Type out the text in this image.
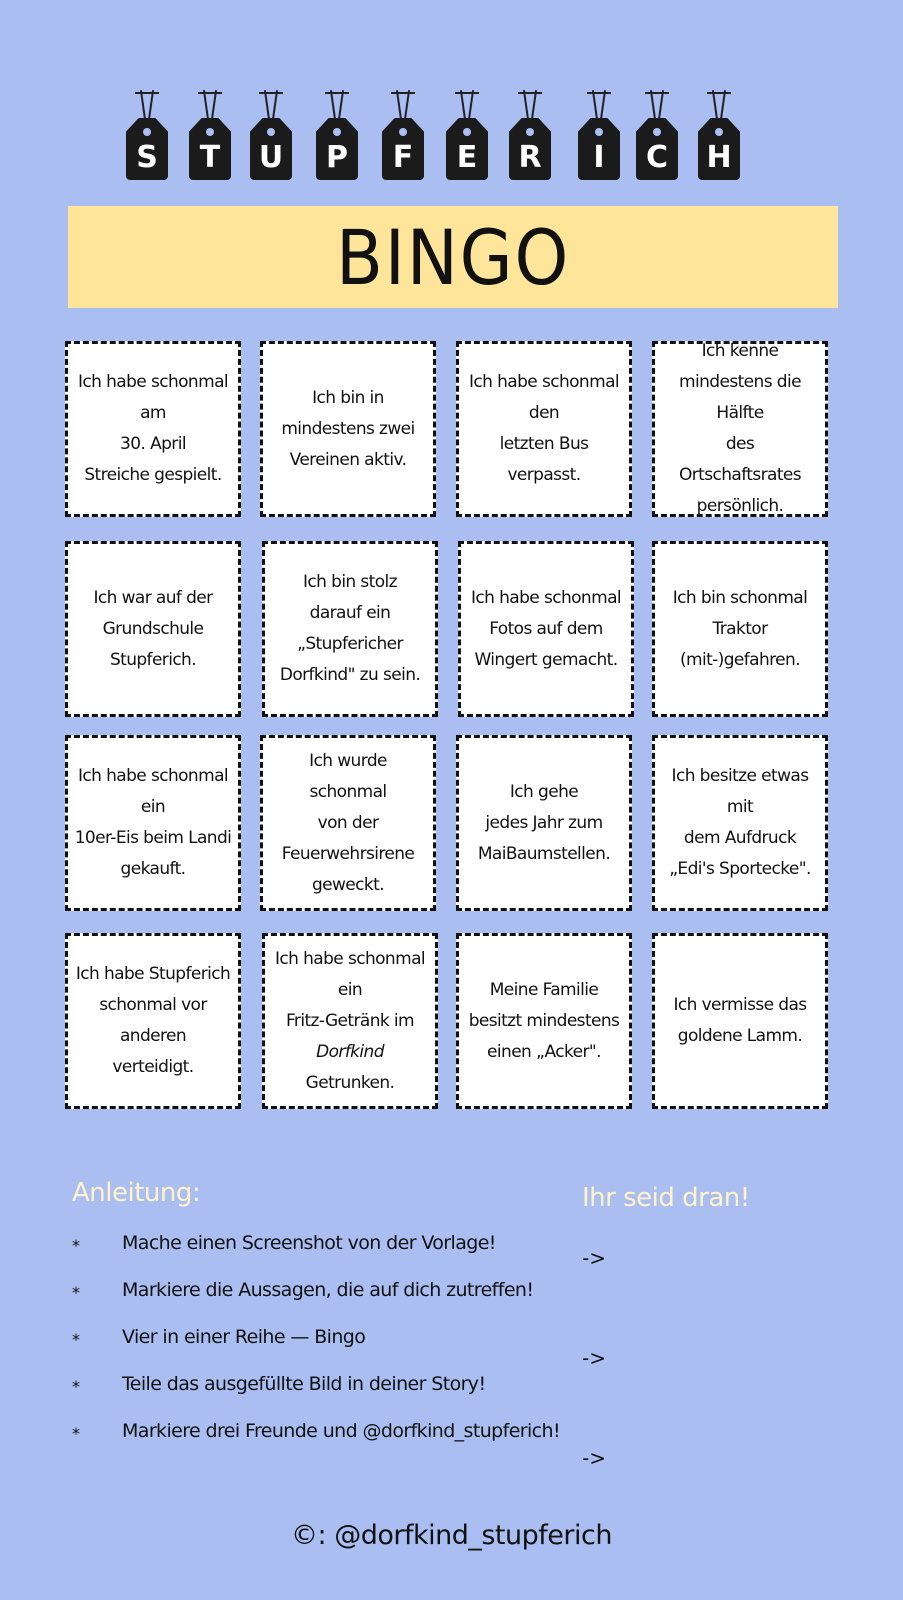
S	T	U	P	F	E	R	I	C	H
BINGO
Ich habe schonmal am
30. April
Streiche gespielt.
Ich bin in
mindestens zwei
Vereinen aktiv.
Ich habe schonmal den
letzten Bus verpasst.
Ich kenne
mindestens die Hälfte
des
Ortschaftsrates
persönlich.
Ich war auf der
Grundschule
Stupferich.
Ich bin stolz
darauf ein
„Stupfericher
Dorfkind" zu sein.
Ich habe schonmal
Fotos auf dem
Wingert gemacht.
Ich bin schonmal
Traktor
(mit-)gefahren.
Ich habe schonmal ein
10er-Eis beim Landi
gekauft.
Ich wurde schonmal
von der
Feuerwehrsirene
geweckt.
Ich gehe
jedes Jahr zum
MaiBaumstellen.
Ich besitze etwas mit
dem Aufdruck
„Edi's Sportecke".
Ich habe Stupferich
schonmal vor anderen
verteidigt.
Ich habe schonmal ein
Fritz-Getränk im
Dorfkind
Getrunken.
Meine Familie
besitzt mindestens
einen „Acker".
Ich vermisse das
goldene Lamm.
Anleitung:
* Mache einen Screenshot von der Vorlage!
* Markiere die Aussagen, die auf dich zutreffen!
* Vier in einer Reihe — Bingo
* Teile das ausgefüllte Bild in deiner Story!
* Markiere drei Freunde und @dorfkind_stupferich!
Ihr seid dran!
->
->
->
©: @dorfkind_stupferich
